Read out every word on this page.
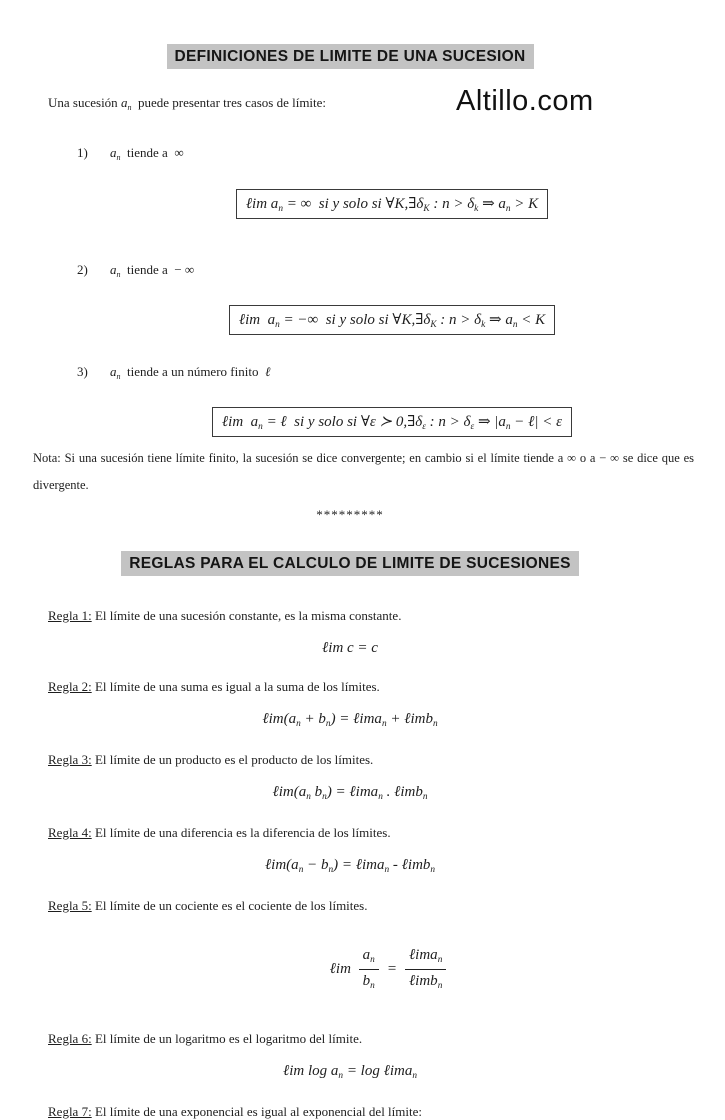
DEFINICIONES DE LIMITE DE UNA SUCESION
Altillo.com

Una sucesión an  puede presentar tres casos de límite:

1) an  tiende a  ∞

ℓim an = ∞  si y solo si ∀K,∃δK : n > δk ⇒ an > K

2) an  tiende a  − ∞

ℓim  an = −∞  si y solo si ∀K,∃δK : n > δk ⇒ an < K

3) an  tiende a un número finito  ℓ

ℓim  an = ℓ  si y solo si ∀ε ≻ 0,∃δε : n > δε ⇒ |an − ℓ| < ε

Nota: Si una sucesión tiene límite finito, la sucesión se dice convergente; en cambio si el límite tiende a ∞ o a − ∞ se dice que es divergente.

*********
REGLAS PARA EL CALCULO DE LIMITE DE SUCESIONES

Regla 1: El límite de una sucesión constante, es la misma constante.

ℓim c = c

Regla 2: El límite de una suma es igual a la suma de los límites.

ℓim(an + bn) = ℓiman + ℓimbn

Regla 3: El límite de un producto es el producto de los límites.

ℓim(an bn) = ℓiman . ℓimbn

Regla 4: El límite de una diferencia es la diferencia de los límites.

ℓim(an − bn) = ℓiman - ℓimbn

Regla 5: El límite de un cociente es el cociente de los límites.

ℓim $\frac{an}{bn} = \frac{\text{ℓiman}}{\text{ℓimbn}}$

Regla 6: El límite de un logaritmo es el logaritmo del límite.

ℓim log an = log ℓiman

Regla 7: El límite de una exponencial es igual al exponencial del límite:
